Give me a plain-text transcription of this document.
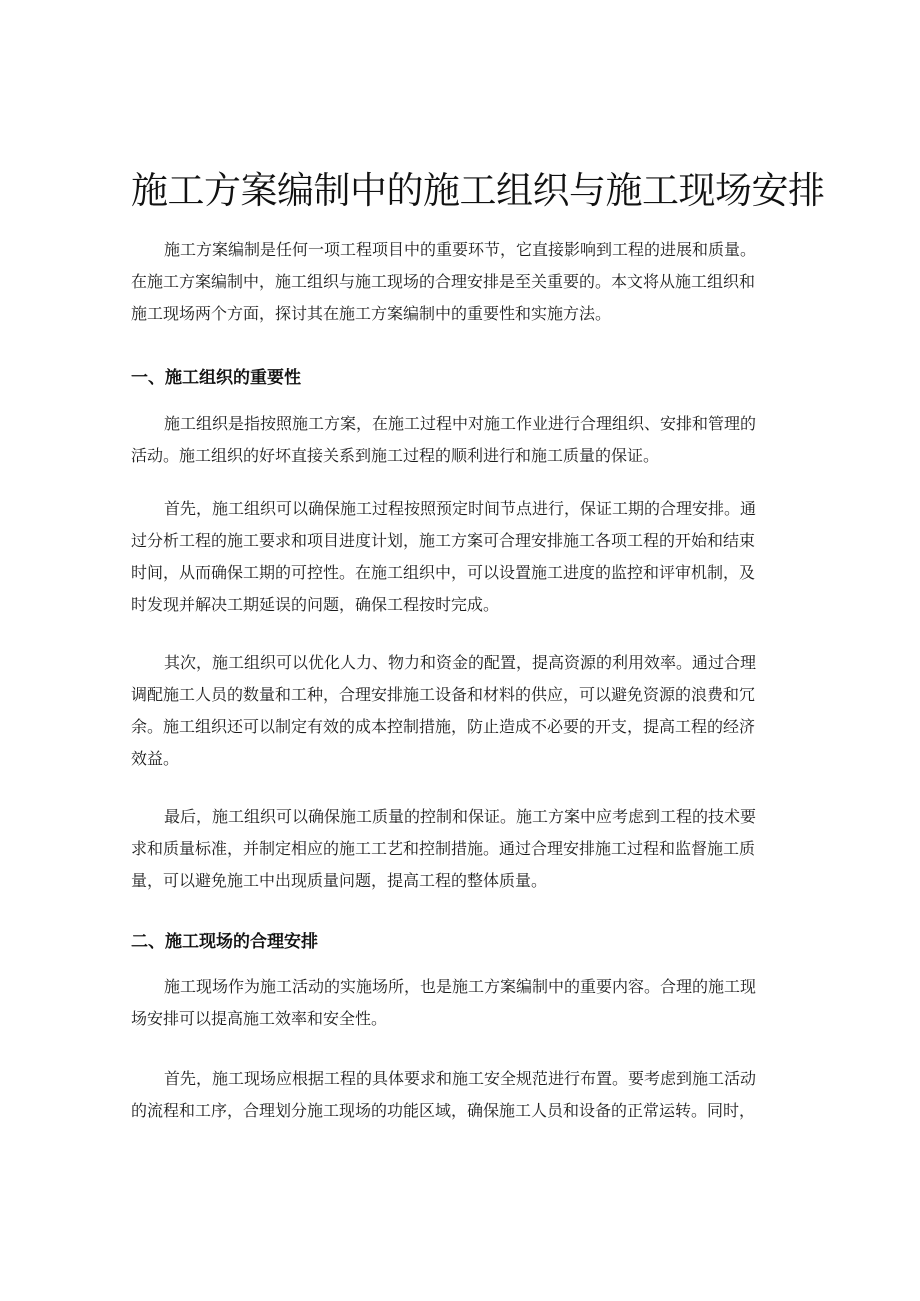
施工方案编制中的施工组织与施工现场安排

施工方案编制是任何一项工程项目中的重要环节，它直接影响到工程的进展和质量。
在施工方案编制中，施工组织与施工现场的合理安排是至关重要的。本文将从施工组织和
施工现场两个方面，探讨其在施工方案编制中的重要性和实施方法。

一、施工组织的重要性

施工组织是指按照施工方案，在施工过程中对施工作业进行合理组织、安排和管理的
活动。施工组织的好坏直接关系到施工过程的顺利进行和施工质量的保证。

首先，施工组织可以确保施工过程按照预定时间节点进行，保证工期的合理安排。通
过分析工程的施工要求和项目进度计划，施工方案可合理安排施工各项工程的开始和结束
时间，从而确保工期的可控性。在施工组织中，可以设置施工进度的监控和评审机制，及
时发现并解决工期延误的问题，确保工程按时完成。

其次，施工组织可以优化人力、物力和资金的配置，提高资源的利用效率。通过合理
调配施工人员的数量和工种，合理安排施工设备和材料的供应，可以避免资源的浪费和冗
余。施工组织还可以制定有效的成本控制措施，防止造成不必要的开支，提高工程的经济
效益。

最后，施工组织可以确保施工质量的控制和保证。施工方案中应考虑到工程的技术要
求和质量标准，并制定相应的施工工艺和控制措施。通过合理安排施工过程和监督施工质
量，可以避免施工中出现质量问题，提高工程的整体质量。

二、施工现场的合理安排

施工现场作为施工活动的实施场所，也是施工方案编制中的重要内容。合理的施工现
场安排可以提高施工效率和安全性。

首先，施工现场应根据工程的具体要求和施工安全规范进行布置。要考虑到施工活动
的流程和工序，合理划分施工现场的功能区域，确保施工人员和设备的正常运转。同时，
